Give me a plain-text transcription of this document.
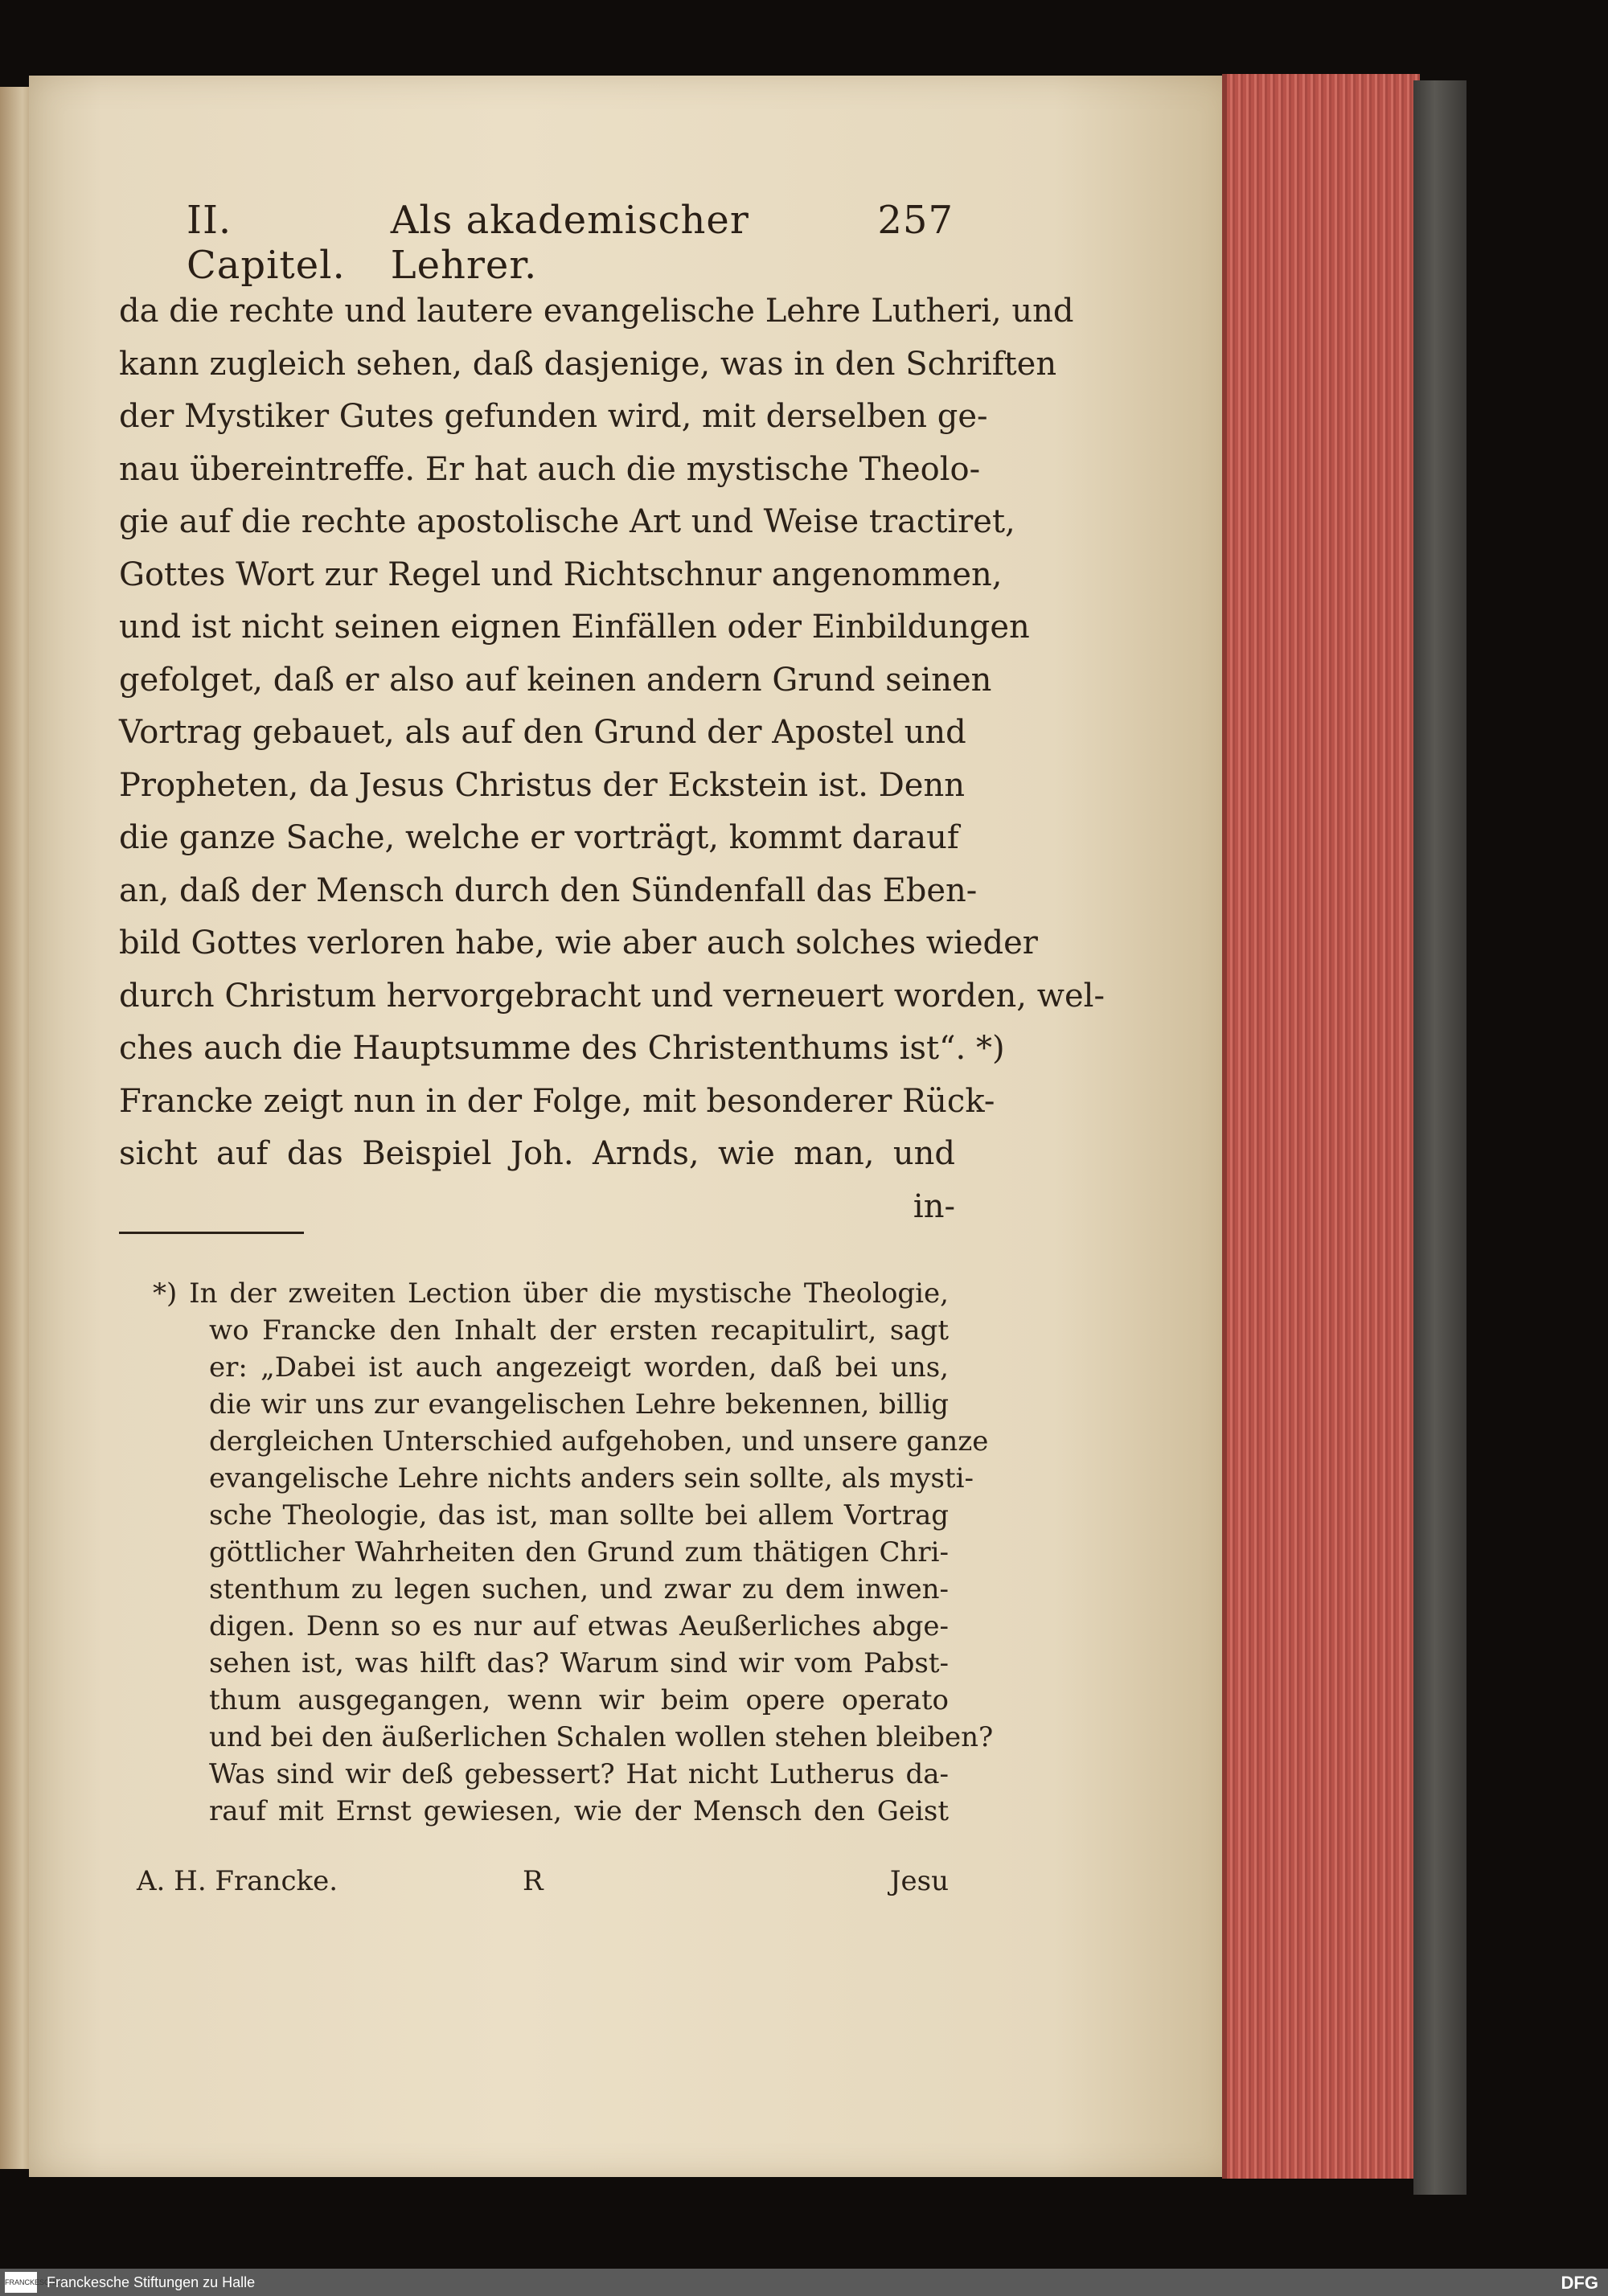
II. Capitel.
Als akademischer Lehrer.
257
da die rechte und lautere evangelische Lehre Lutheri, und
kann zugleich sehen, daß dasjenige, was in den Schriften
der Mystiker Gutes gefunden wird, mit derselben ge-
nau übereintreffe. Er hat auch die mystische Theolo-
gie auf die rechte apostolische Art und Weise tractiret,
Gottes Wort zur Regel und Richtschnur angenommen,
und ist nicht seinen eignen Einfällen oder Einbildungen
gefolget, daß er also auf keinen andern Grund seinen
Vortrag gebauet, als auf den Grund der Apostel und
Propheten, da Jesus Christus der Eckstein ist. Denn
die ganze Sache, welche er vorträgt, kommt darauf
an, daß der Mensch durch den Sündenfall das Eben-
bild Gottes verloren habe, wie aber auch solches wieder
durch Christum hervorgebracht und verneuert worden, wel-
ches auch die Hauptsumme des Christenthums ist“. *)
Francke zeigt nun in der Folge, mit besonderer Rück-
sicht auf das Beispiel Joh. Arnds, wie man, und
in-
*) In der zweiten Lection über die mystische Theologie,
wo Francke den Inhalt der ersten recapitulirt, sagt
er: „Dabei ist auch angezeigt worden, daß bei uns,
die wir uns zur evangelischen Lehre bekennen, billig
dergleichen Unterschied aufgehoben, und unsere ganze
evangelische Lehre nichts anders sein sollte, als mysti-
sche Theologie, das ist, man sollte bei allem Vortrag
göttlicher Wahrheiten den Grund zum thätigen Chri-
stenthum zu legen suchen, und zwar zu dem inwen-
digen. Denn so es nur auf etwas Aeußerliches abge-
sehen ist, was hilft das? Warum sind wir vom Pabst-
thum ausgegangen, wenn wir beim opere operato
und bei den äußerlichen Schalen wollen stehen bleiben?
Was sind wir deß gebessert? Hat nicht Lutherus da-
rauf mit Ernst gewiesen, wie der Mensch den Geist
A. H. Francke.	R	Jesu
FRANCKESCHE
Franckesche Stiftungen zu Halle	DFG
